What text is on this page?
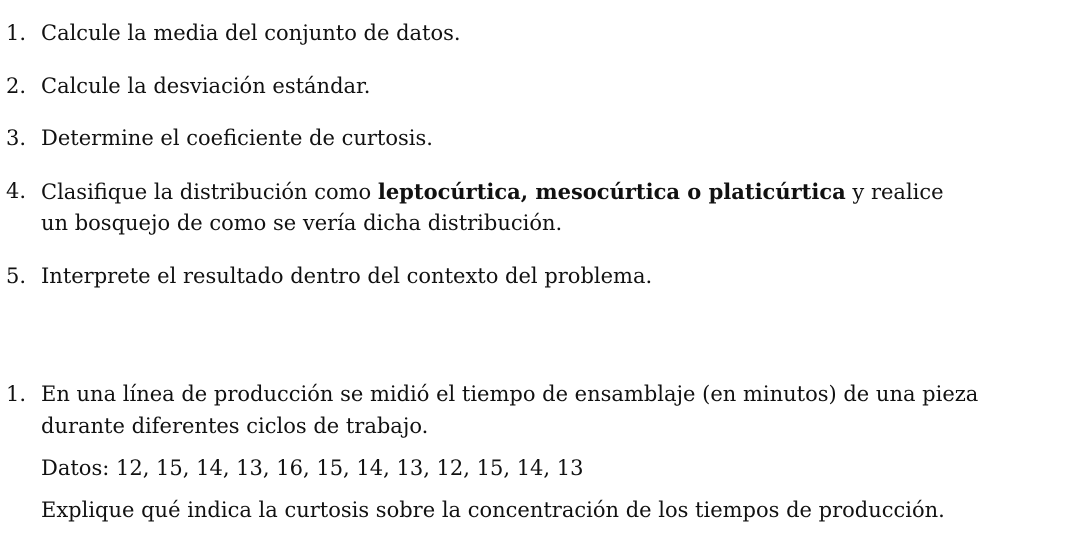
1. Calcule la media del conjunto de datos.
2. Calcule la desviación estándar.
3. Determine el coeficiente de curtosis.
4. Clasifique la distribución como leptocúrtica, mesocúrtica o platicúrtica y realice
un bosquejo de como se vería dicha distribución.
5. Interprete el resultado dentro del contexto del problema.
1. En una línea de producción se midió el tiempo de ensamblaje (en minutos) de una pieza
durante diferentes ciclos de trabajo.
Datos: 12, 15, 14, 13, 16, 15, 14, 13, 12, 15, 14, 13
Explique qué indica la curtosis sobre la concentración de los tiempos de producción.
